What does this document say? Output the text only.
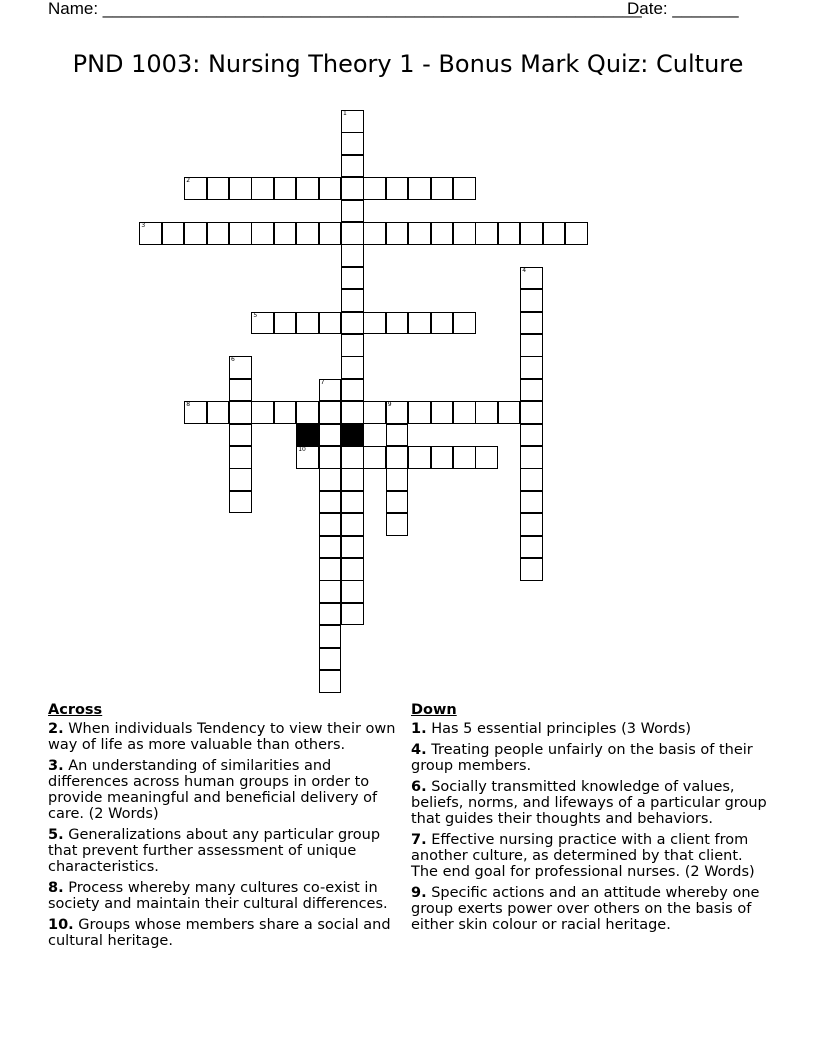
Name: _________________________________________________________
Date: _______
PND 1003: Nursing Theory 1 - Bonus Mark Quiz: Culture
1
2
3
4
5
6
7
8	9
10
Across
2. When individuals Tendency to view their own way of life as more valuable than others.
3. An understanding of similarities and differences across human groups in order to provide meaningful and beneficial delivery of care. (2 Words)
5. Generalizations about any particular group that prevent further assessment of unique characteristics.
8. Process whereby many cultures co-exist in society and maintain their cultural differences.
10. Groups whose members share a social and cultural heritage.
Down
1. Has 5 essential principles (3 Words)
4. Treating people unfairly on the basis of their group members.
6. Socially transmitted knowledge of values, beliefs, norms, and lifeways of a particular group that guides their thoughts and behaviors.
7. Effective nursing practice with a client from another culture, as determined by that client. The end goal for professional nurses. (2 Words)
9. Specific actions and an attitude whereby one group exerts power over others on the basis of either skin colour or racial heritage.
